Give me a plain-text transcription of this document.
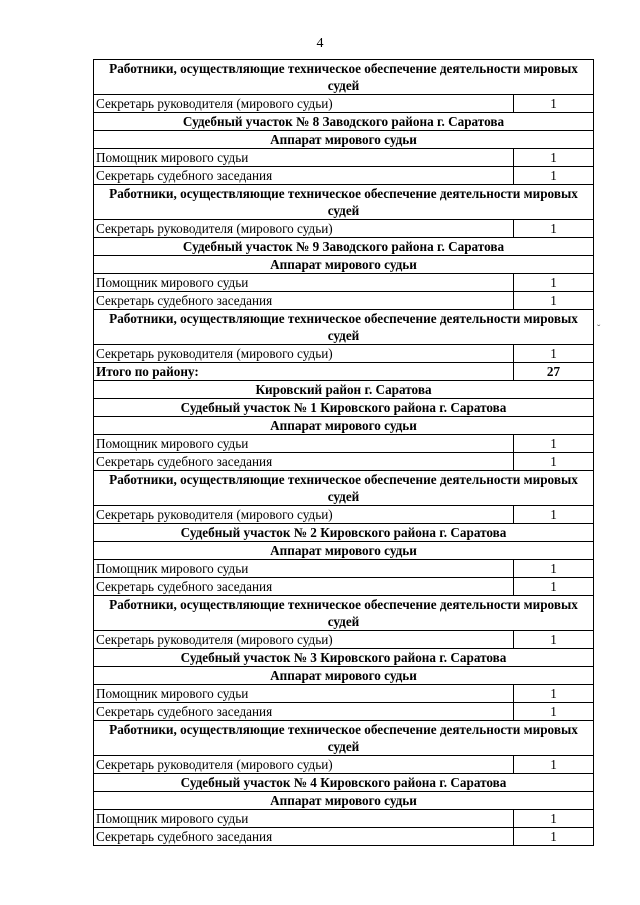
4
Работники, осуществляющие техническое обеспечение деятельности мировых судей	
Секретарь руководителя (мирового судьи)	1
Судебный участок № 8 Заводского района г. Саратова	
Аппарат мирового судьи	
Помощник мирового судьи	1
Секретарь судебного заседания	1
Работники, осуществляющие техническое обеспечение деятельности мировых судей	
Секретарь руководителя (мирового судьи)	1
Судебный участок № 9 Заводского района г. Саратова	
Аппарат мирового судьи	
Помощник мирового судьи	1
Секретарь судебного заседания	1
Работники, осуществляющие техническое обеспечение деятельности мировых судей	
Секретарь руководителя (мирового судьи)	1
Итого по району:	27
Кировский район г. Саратова	
Судебный участок № 1 Кировского района г. Саратова	
Аппарат мирового судьи	
Помощник мирового судьи	1
Секретарь судебного заседания	1
Работники, осуществляющие техническое обеспечение деятельности мировых судей	
Секретарь руководителя (мирового судьи)	1
Судебный участок № 2 Кировского района г. Саратова	
Аппарат мирового судьи	
Помощник мирового судьи	1
Секретарь судебного заседания	1
Работники, осуществляющие техническое обеспечение деятельности мировых судей	
Секретарь руководителя (мирового судьи)	1
Судебный участок № 3 Кировского района г. Саратова	
Аппарат мирового судьи	
Помощник мирового судьи	1
Секретарь судебного заседания	1
Работники, осуществляющие техническое обеспечение деятельности мировых судей	
Секретарь руководителя (мирового судьи)	1
Судебный участок № 4 Кировского района г. Саратова	
Аппарат мирового судьи	
Помощник мирового судьи	1
Секретарь судебного заседания	1
ˇ
